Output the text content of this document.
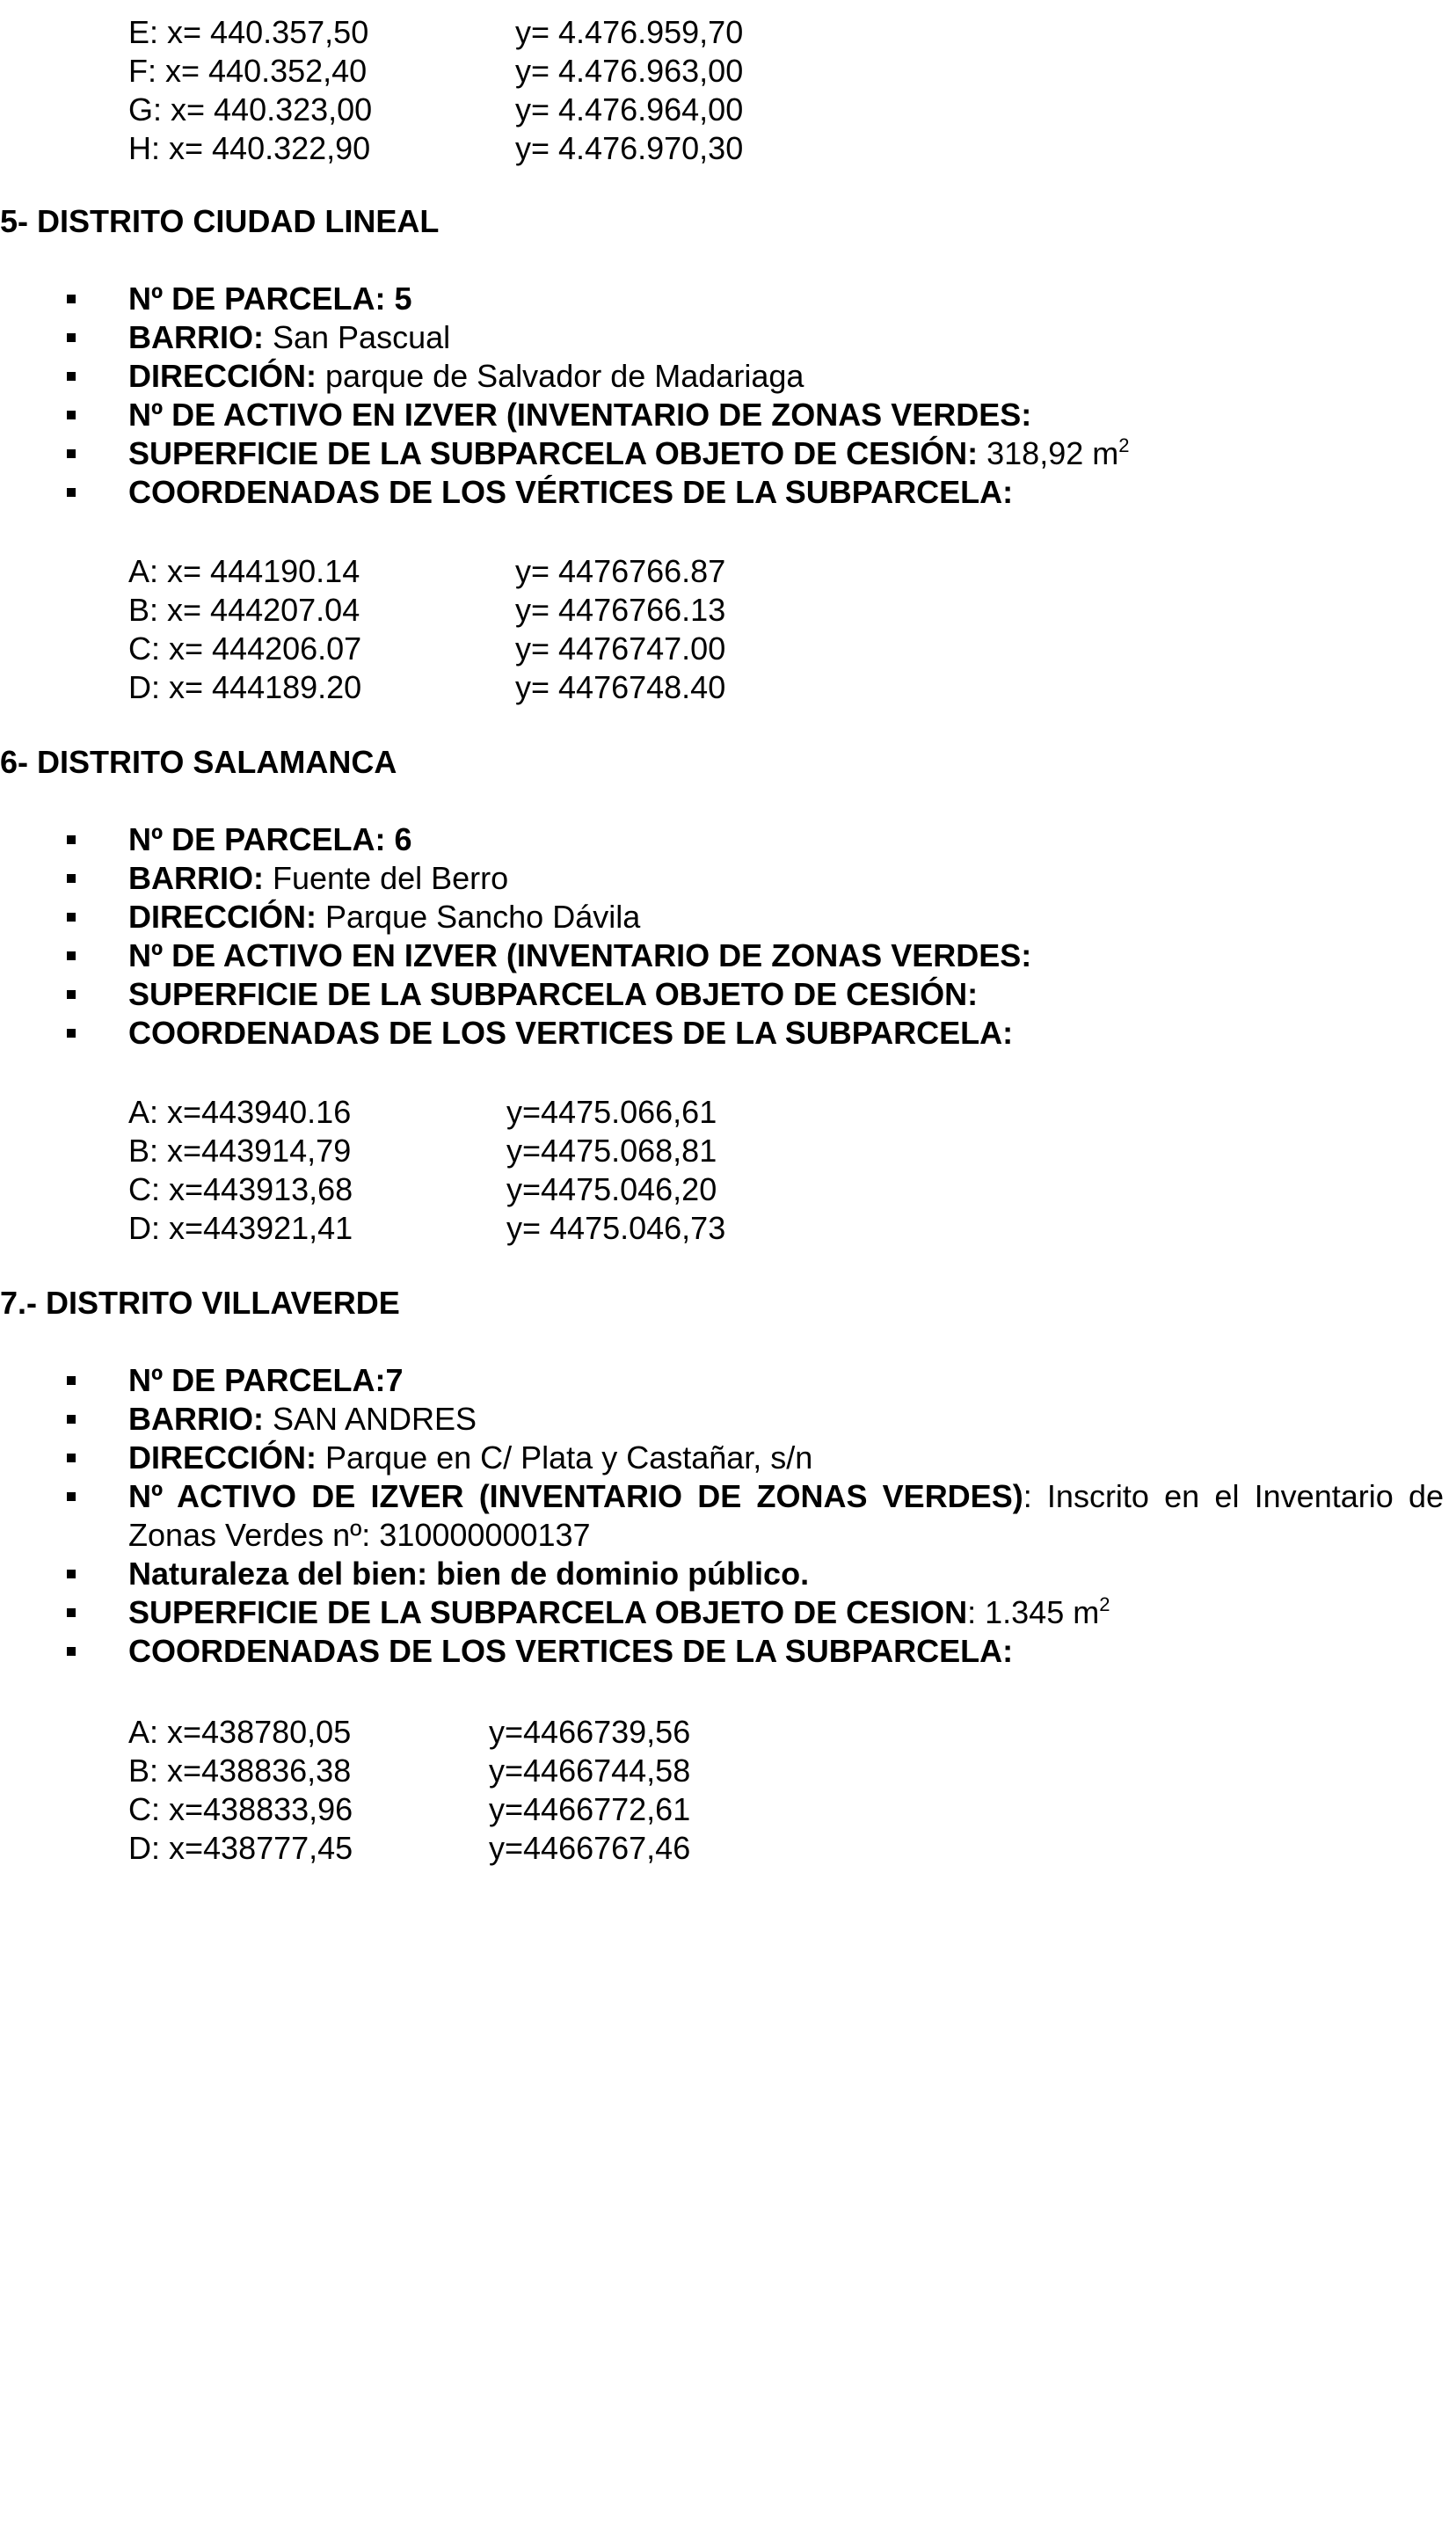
E: x= 440.357,50	y= 4.476.959,70
F: x= 440.352,40	y= 4.476.963,00
G: x= 440.323,00	y= 4.476.964,00
H: x= 440.322,90	y= 4.476.970,30
5- DISTRITO CIUDAD LINEAL
Nº DE PARCELA: 5
BARRIO: San Pascual
DIRECCIÓN: parque de Salvador de Madariaga
Nº DE ACTIVO EN IZVER (INVENTARIO DE ZONAS VERDES:
SUPERFICIE DE LA SUBPARCELA OBJETO DE CESIÓN: 318,92 $m^2$
COORDENADAS DE LOS VÉRTICES DE LA SUBPARCELA:
A: x= 444190.14	y= 4476766.87
B: x= 444207.04	y= 4476766.13
C: x= 444206.07	y= 4476747.00
D: x= 444189.20	y= 4476748.40
6- DISTRITO SALAMANCA
Nº DE PARCELA: 6
BARRIO: Fuente del Berro
DIRECCIÓN: Parque Sancho Dávila
Nº DE ACTIVO EN IZVER (INVENTARIO DE ZONAS VERDES:
SUPERFICIE DE LA SUBPARCELA OBJETO DE CESIÓN:
COORDENADAS DE LOS VERTICES DE LA SUBPARCELA:
A: x=443940.16	y=4475.066,61
B: x=443914,79	y=4475.068,81
C: x=443913,68	y=4475.046,20
D: x=443921,41	y= 4475.046,73
7.- DISTRITO VILLAVERDE
Nº DE PARCELA:7
BARRIO: SAN ANDRES
DIRECCIÓN: Parque en C/ Plata y Castañar, s/n
Nº ACTIVO DE IZVER (INVENTARIO DE ZONAS VERDES): Inscrito en el Inventario de Zonas Verdes nº: 310000000137
Naturaleza del bien: bien de dominio público.
SUPERFICIE DE LA SUBPARCELA OBJETO DE CESION: 1.345 $m^2$
COORDENADAS DE LOS VERTICES DE LA SUBPARCELA:
A: x=438780,05	y=4466739,56
B: x=438836,38	y=4466744,58
C: x=438833,96	y=4466772,61
D: x=438777,45	y=4466767,46
